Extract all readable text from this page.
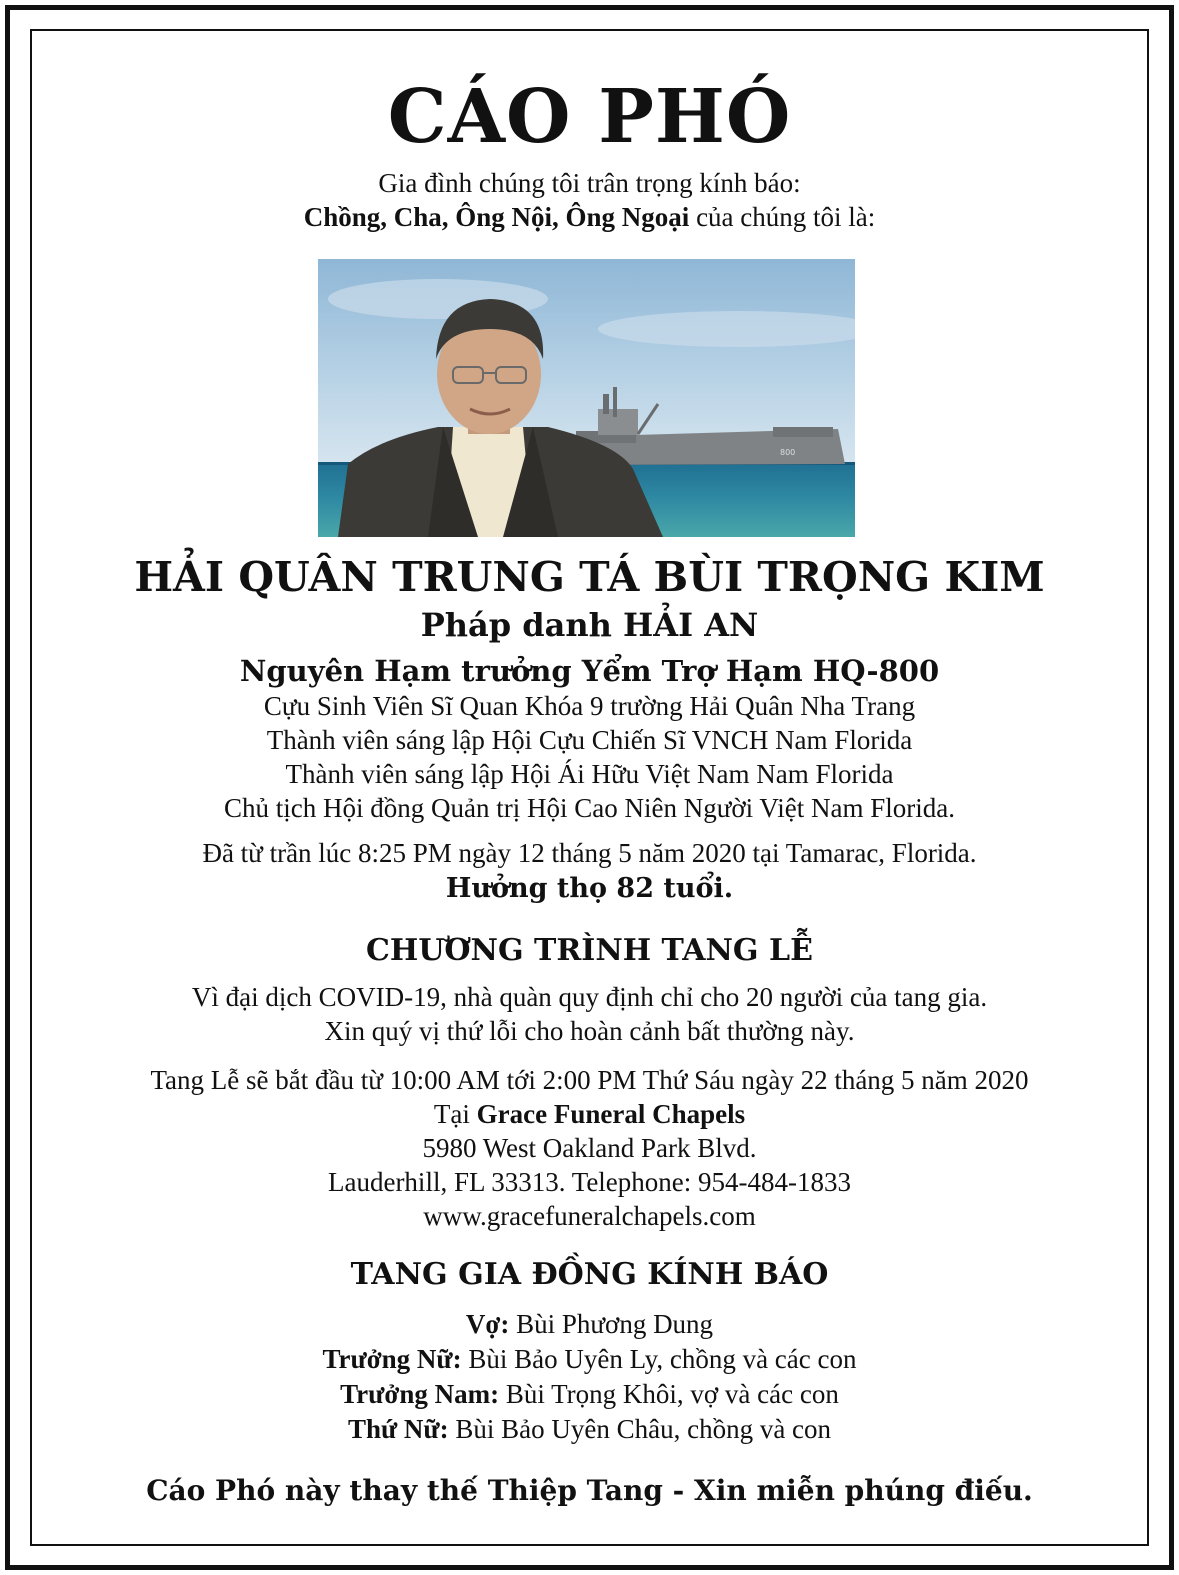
CÁO PHÓ
Gia đình chúng tôi trân trọng kính báo:
Chồng, Cha, Ông Nội, Ông Ngoại của chúng tôi là:
800
HẢI QUÂN TRUNG TÁ BÙI TRỌNG KIM
Pháp danh HẢI AN
Nguyên Hạm trưởng Yểm Trợ Hạm HQ-800
Cựu Sinh Viên Sĩ Quan Khóa 9 trường Hải Quân Nha Trang
Thành viên sáng lập Hội Cựu Chiến Sĩ VNCH Nam Florida
Thành viên sáng lập Hội Ái Hữu Việt Nam Nam Florida
Chủ tịch Hội đồng Quản trị Hội Cao Niên Người Việt Nam Florida.
Đã từ trần lúc 8:25 PM ngày 12 tháng 5 năm 2020 tại Tamarac, Florida.
Hưởng thọ 82 tuổi.
CHƯƠNG TRÌNH TANG LỄ
Vì đại dịch COVID-19, nhà quàn quy định chỉ cho 20 người của tang gia.
Xin quý vị thứ lỗi cho hoàn cảnh bất thường này.
Tang Lễ sẽ bắt đầu từ 10:00 AM tới 2:00 PM Thứ Sáu ngày 22 tháng 5 năm 2020
Tại Grace Funeral Chapels
5980 West Oakland Park Blvd.
Lauderhill, FL 33313. Telephone: 954-484-1833
www.gracefuneralchapels.com
TANG GIA ĐỒNG KÍNH BÁO
Vợ: Bùi Phương Dung
Trưởng Nữ: Bùi Bảo Uyên Ly, chồng và các con
Trưởng Nam: Bùi Trọng Khôi, vợ và các con
Thứ Nữ: Bùi Bảo Uyên Châu, chồng và con
Cáo Phó này thay thế Thiệp Tang - Xin miễn phúng điếu.
